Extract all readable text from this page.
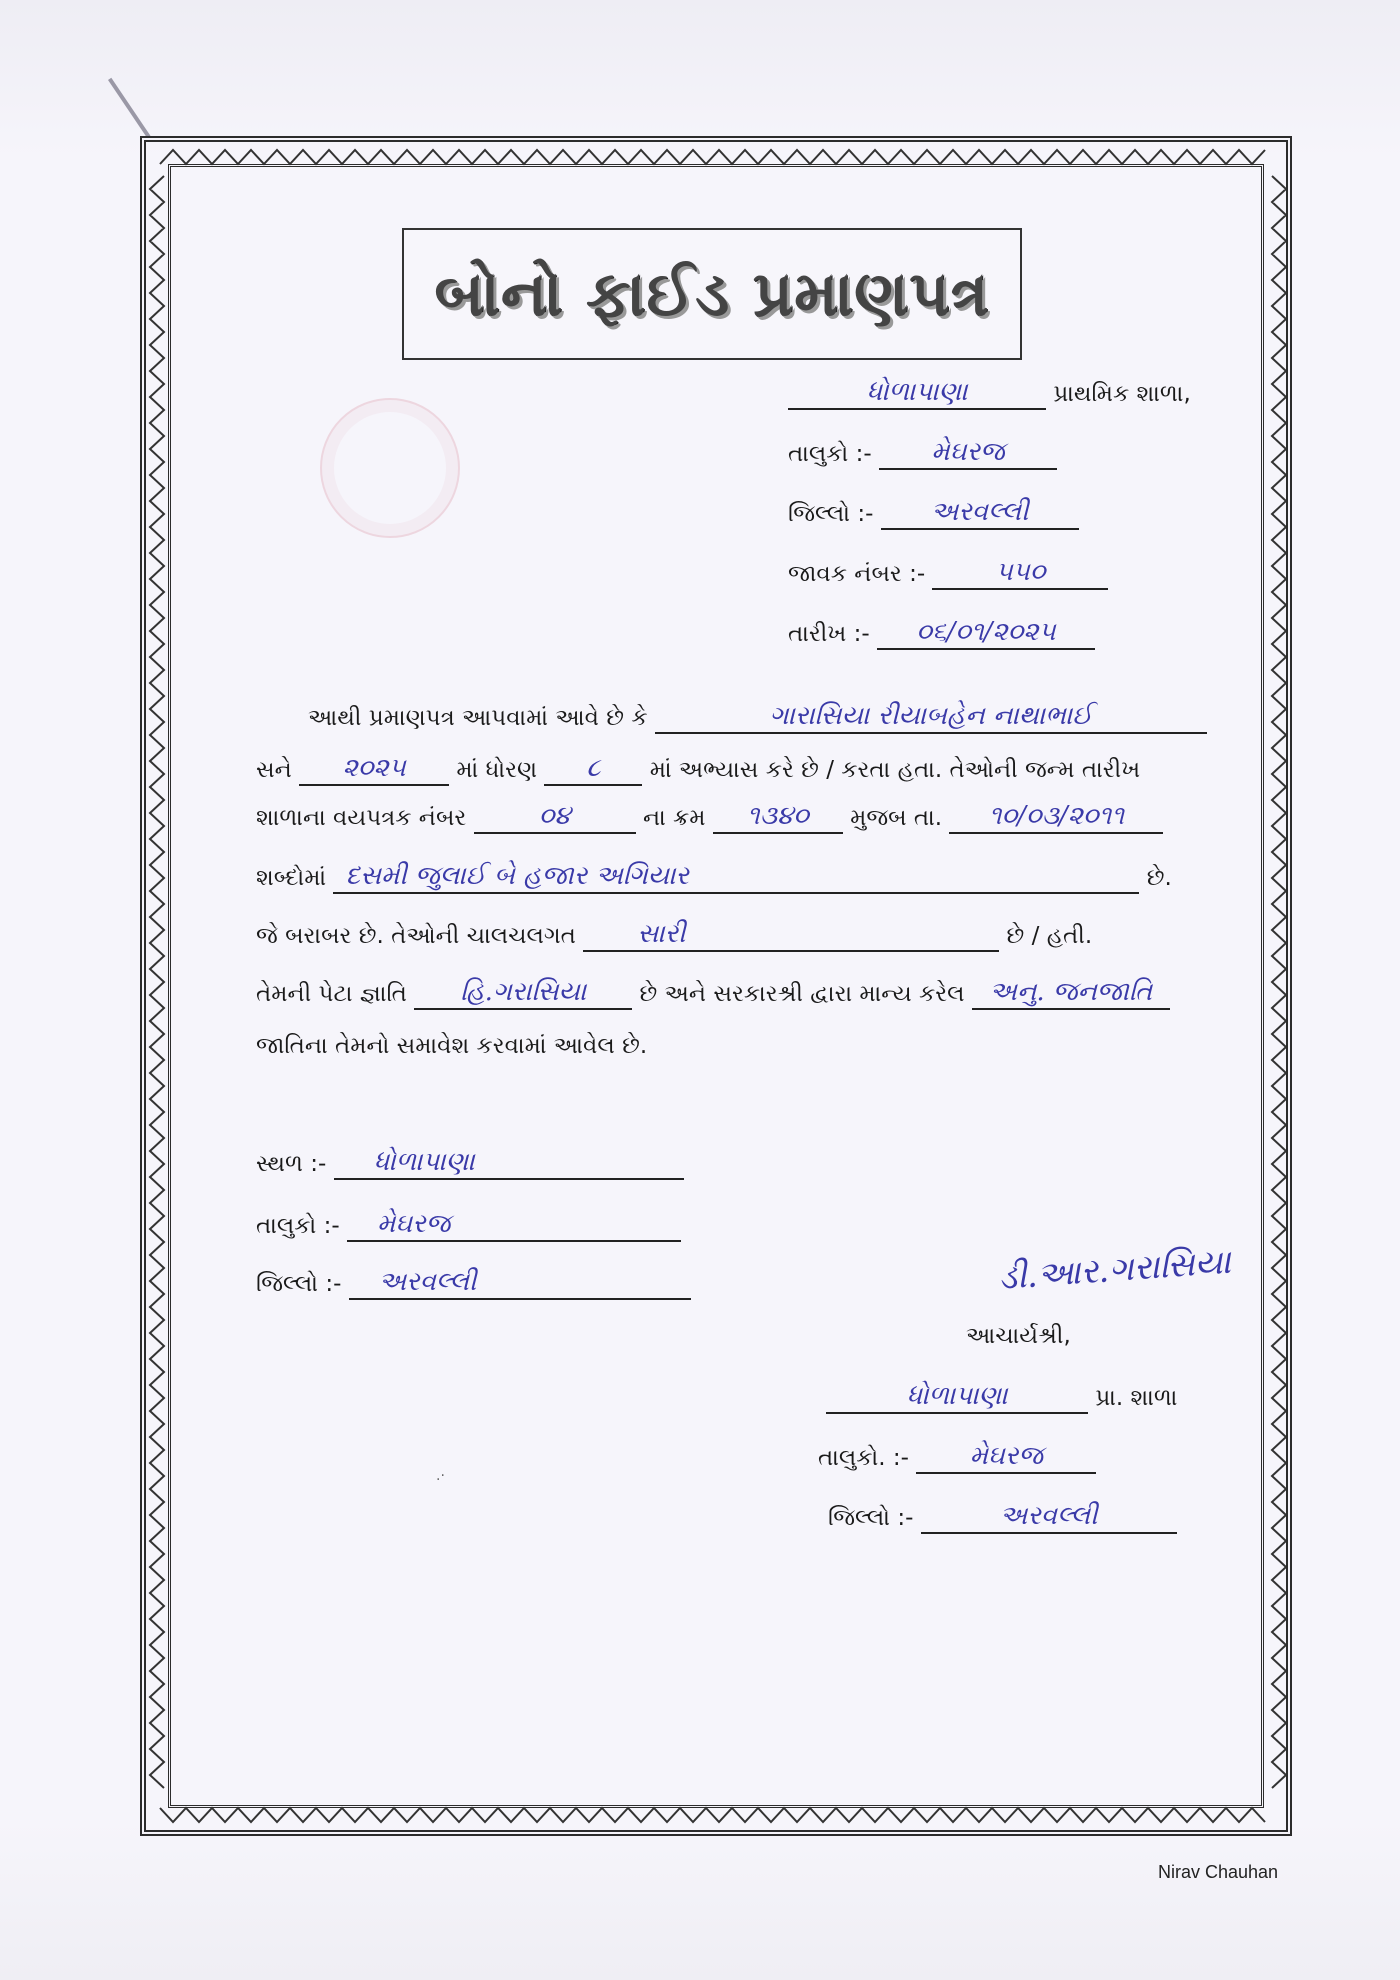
બોનો ફાઈડ પ્રમાણપત્ર
ધોળાપાણા	પ્રાથમિક શાળા,
તાલુકો :- મેઘરજ
જિલ્લો :- અરવલ્લી
જાવક નંબર :-	૫૫૦
તારીખ :- ૦૬/૦૧/૨૦૨૫
આથી પ્રમાણપત્ર આપવામાં આવે છે કે	ગારાસિયા રીયાબહેન નાથાભાઈ
સને ૨૦૨૫ માં ધોરણ ૮ માં અભ્યાસ કરે છે / કરતા હતા. તેઓની જન્મ તારીખ
શાળાના વયપત્રક નંબર	૦૪	ના ક્રમ ૧૩૪૦ મુજબ તા. ૧૦/૦૩/૨૦૧૧
શબ્દોમાં દસમી જુલાઈ બે હજાર અગિયાર	છે.
જે બરાબર છે. તેઓની ચાલચલગત સારી	છે / હતી.
તેમની પેટા જ્ઞાતિ હિ.ગરાસિયા છે અને સરકારશ્રી દ્વારા માન્ય કરેલ અનુ. જનજાતિ
જાતિના તેમનો સમાવેશ કરવામાં આવેલ છે.
સ્થળ :- ધોળાપાણા
તાલુકો :- મેઘરજ
જિલ્લો :- અરવલ્લી	ડી.આર.ગરાસિયા
આચાર્યશ્રી,
ધોળાપાણા	પ્રા. શાળા
તાલુકો. :- મેઘરજ
જિલ્લો :-	અરવલ્લી
.·
Nirav Chauhan
